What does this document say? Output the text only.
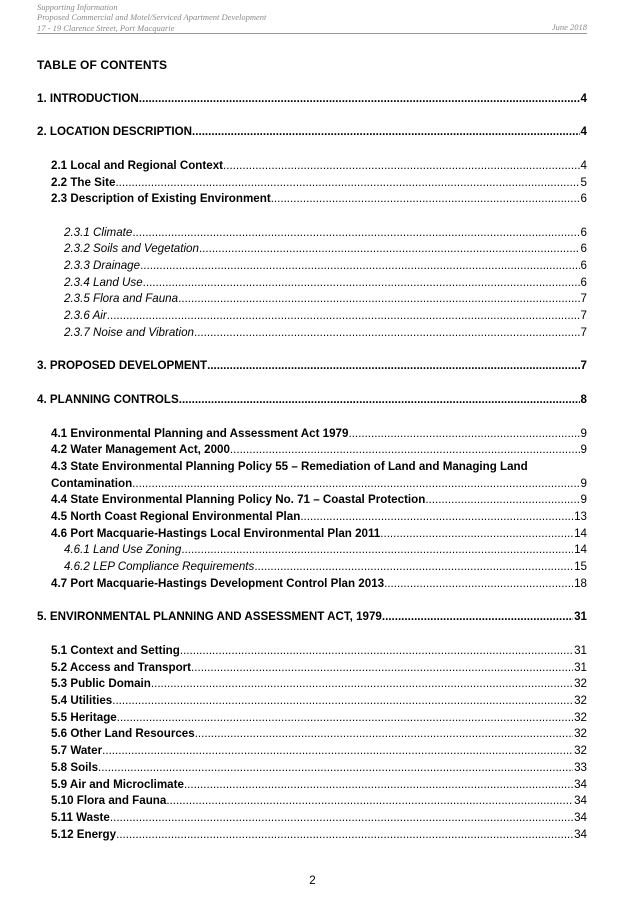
Supporting Information
Proposed Commercial and Motel/Serviced Apartment Development
17 - 19 Clarence Street, Port Macquarie	June 2018
TABLE OF CONTENTS
1. INTRODUCTION .....	4
2. LOCATION DESCRIPTION .....	4
2.1 Local and Regional Context .....	4
2.2 The Site .....	5
2.3 Description of Existing Environment .....	6
2.3.1 Climate .....	6
2.3.2 Soils and Vegetation .....	6
2.3.3 Drainage .....	6
2.3.4 Land Use .....	6
2.3.5 Flora and Fauna .....	7
2.3.6 Air .....	7
2.3.7 Noise and Vibration .....	7
3. PROPOSED DEVELOPMENT .....	7
4. PLANNING CONTROLS .....	8
4.1 Environmental Planning and Assessment Act 1979 .....	9
4.2 Water Management Act, 2000 .....	9
4.3 State Environmental Planning Policy 55 – Remediation of Land and Managing Land
Contamination .....	9
4.4 State Environmental Planning Policy No. 71 – Coastal Protection .....	9
4.5 North Coast Regional Environmental Plan .....	13
4.6 Port Macquarie-Hastings Local Environmental Plan 2011 .....	14
4.6.1 Land Use Zoning .....	14
4.6.2 LEP Compliance Requirements .....	15
4.7 Port Macquarie-Hastings Development Control Plan 2013 .....	18
5. ENVIRONMENTAL PLANNING AND ASSESSMENT ACT, 1979 .....	31
5.1 Context and Setting .....	31
5.2 Access and Transport .....	31
5.3 Public Domain .....	32
5.4 Utilities .....	32
5.5 Heritage .....	32
5.6 Other Land Resources .....	32
5.7 Water .....	32
5.8 Soils .....	33
5.9 Air and Microclimate .....	34
5.10 Flora and Fauna .....	34
5.11 Waste .....	34
5.12 Energy .....	34
2
